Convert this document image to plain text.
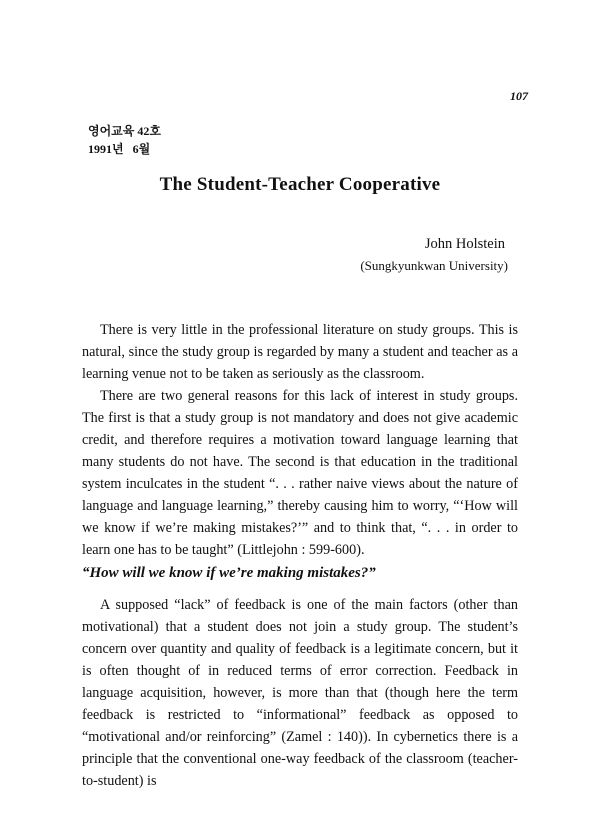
107
영어교육 42호
1991년   6월
The Student-Teacher Cooperative
John Holstein
(Sungkyunkwan University)

There is very little in the professional literature on study groups. This is natural, since the study group is regarded by many a student and teacher as a learning venue not to be taken as seriously as the classroom.

There are two general reasons for this lack of interest in study groups. The first is that a study group is not mandatory and does not give academic credit, and therefore requires a motivation toward language learning that many students do not have. The second is that education in the traditional system inculcates in the student “. . . rather naive views about the nature of language and language learning,” thereby causing him to worry, “‘How will we know if we’re making mistakes?’” and to think that, “. . . in order to learn one has to be taught” (Littlejohn : 599-600).

“How will we know if we’re making mistakes?”

A supposed “lack” of feedback is one of the main factors (other than motivational) that a student does not join a study group. The student’s concern over quantity and quality of feedback is a legitimate concern, but it is often thought of in reduced terms of error correction. Feedback in language acquisition, however, is more than that (though here the term feedback is restricted to “informational” feedback as opposed to “motivational and/or reinforcing” (Zamel : 140)). In cybernetics there is a principle that the conventional one-way feedback of the classroom (teacher-to-student) is
